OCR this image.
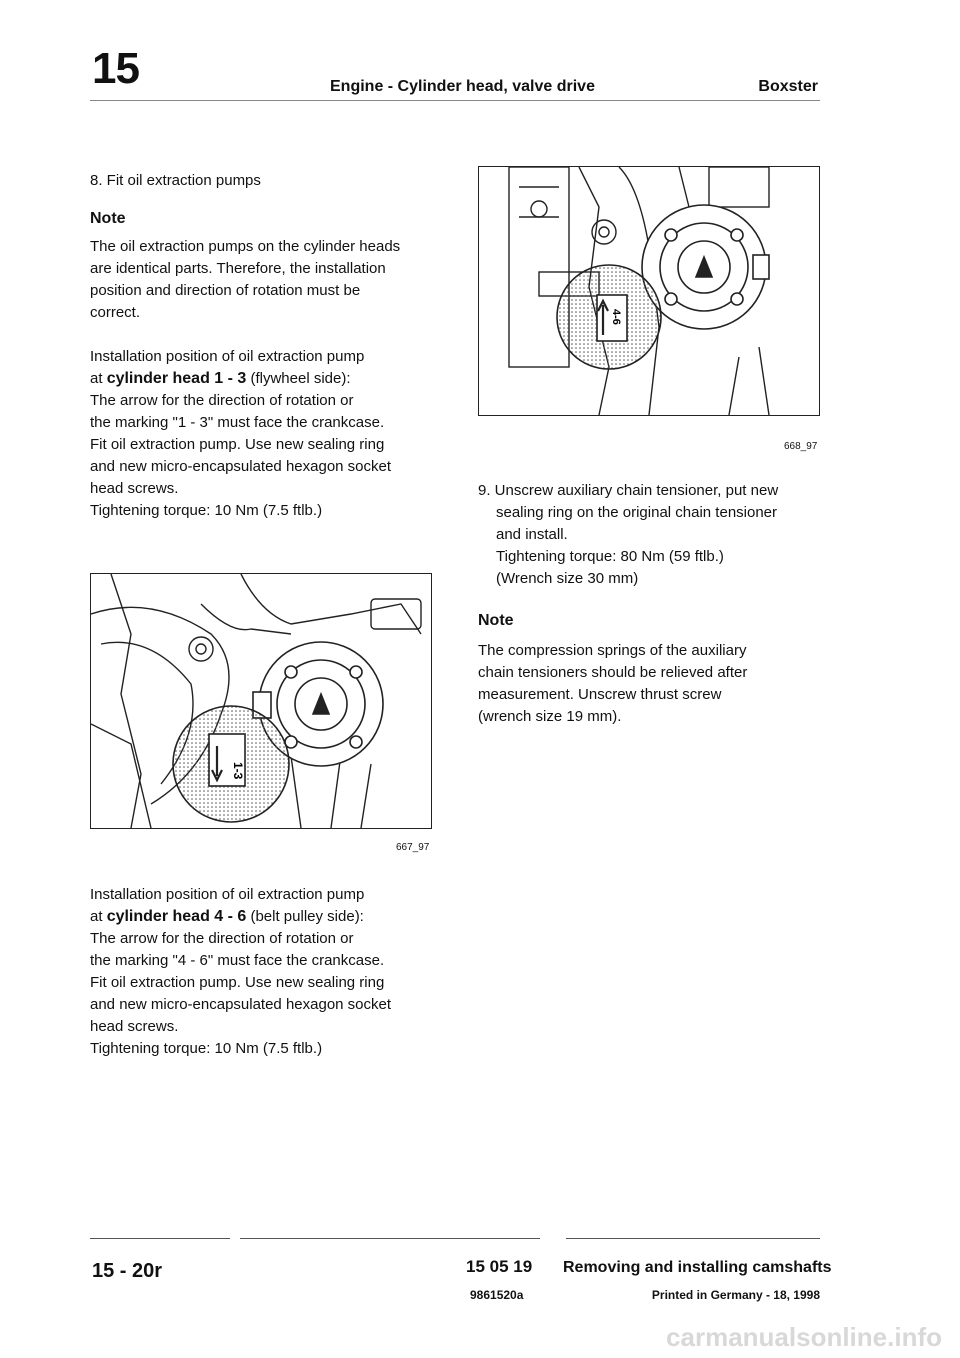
15	Engine - Cylinder head, valve drive	Boxster

8. Fit oil extraction pumps

Note

The oil extraction pumps on the cylinder heads

are identical parts. Therefore, the installation

position and direction of rotation must be

correct.

Installation position of oil extraction pump

at cylinder head 1 - 3 (flywheel side):

The arrow for the direction of rotation or

the marking "1 - 3" must face the crankcase.

Fit oil extraction pump. Use new sealing ring

and new micro-encapsulated hexagon socket

head screws.

Tightening torque: 10 Nm (7.5 ftlb.)

1-3
667_97

Installation position of oil extraction pump

at cylinder head 4 - 6 (belt pulley side):

The arrow for the direction of rotation or

the marking "4 - 6" must face the crankcase.

Fit oil extraction pump. Use new sealing ring

and new micro-encapsulated hexagon socket

head screws.

Tightening torque: 10 Nm (7.5 ftlb.)

4-6
668_97

9. Unscrew auxiliary chain tensioner, put new

sealing ring on the original chain tensioner

and install.

Tightening torque: 80 Nm (59 ftlb.)

(Wrench size 30 mm)

Note

The compression springs of the auxiliary

chain tensioners should be relieved after

measurement. Unscrew thrust screw

(wrench size 19 mm).

15 - 20r	15 05 19
9861520a
Removing and installing camshafts
Printed in Germany - 18, 1998
carmanualsonline.info
